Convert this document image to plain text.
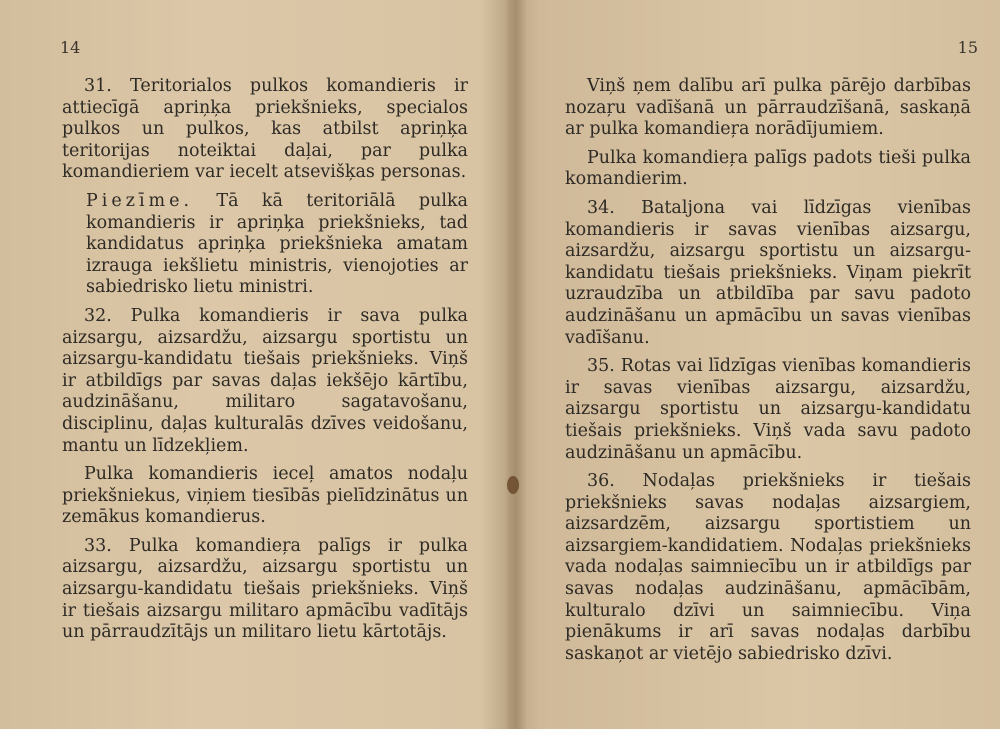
14

31. Teritorialos pulkos komandieris ir attiecīgā apriņķa priekšnieks, specialos pulkos un pulkos, kas atbilst apriņķa teritorijas noteiktai daļai, par pulka komandieriem var iecelt atsevišķas personas.

Piezīme. Tā kā teritoriālā pulka komandieris ir apriņķa priekšnieks, tad kandidatus apriņķa priekšnieka amatam izrauga iekšlietu ministris, vienojoties ar sabiedrisko lietu ministri.

32. Pulka komandieris ir sava pulka aizsargu, aizsardžu, aizsargu sportistu un aizsargu-kandidatu tiešais priekšnieks. Viņš ir atbildīgs par savas daļas iekšējo kārtību, audzināšanu, militaro sagatavošanu, disciplinu, daļas kulturalās dzīves veidošanu, mantu un līdzekļiem.

Pulka komandieris ieceļ amatos nodaļu priekšniekus, viņiem tiesībās pielīdzinātus un zemākus komandierus.

33. Pulka komandieŗa palīgs ir pulka aizsargu, aizsardžu, aizsargu sportistu un aizsargu-kandidatu tiešais priekšnieks. Viņš ir tiešais aizsargu militaro apmācību vadītājs un pārraudzītājs un militaro lietu kārtotājs.

15

Viņš ņem dalību arī pulka pārējo darbības nozaŗu vadīšanā un pārraudzīšanā, saskaņā ar pulka komandieŗa norādījumiem.

Pulka komandieŗa palīgs padots tieši pulka komandierim.

34. Bataljona vai līdzīgas vienības komandieris ir savas vienības aizsargu, aizsardžu, aizsargu sportistu un aizsargu-kandidatu tiešais priekšnieks. Viņam piekrīt uzraudzība un atbildība par savu padoto audzināšanu un apmācību un savas vienības vadīšanu.

35. Rotas vai līdzīgas vienības komandieris ir savas vienības aizsargu, aizsardžu, aizsargu sportistu un aizsargu-kandidatu tiešais priekšnieks. Viņš vada savu padoto audzināšanu un apmācību.

36. Nodaļas priekšnieks ir tiešais priekšnieks savas nodaļas aizsargiem, aizsardzēm, aizsargu sportistiem un aizsargiem-kandidatiem. Nodaļas priekšnieks vada nodaļas saimniecību un ir atbildīgs par savas nodaļas audzināšanu, apmācībām, kulturalo dzīvi un saimniecību. Viņa pienākums ir arī savas nodaļas darbību saskaņot ar vietējo sabiedrisko dzīvi.
